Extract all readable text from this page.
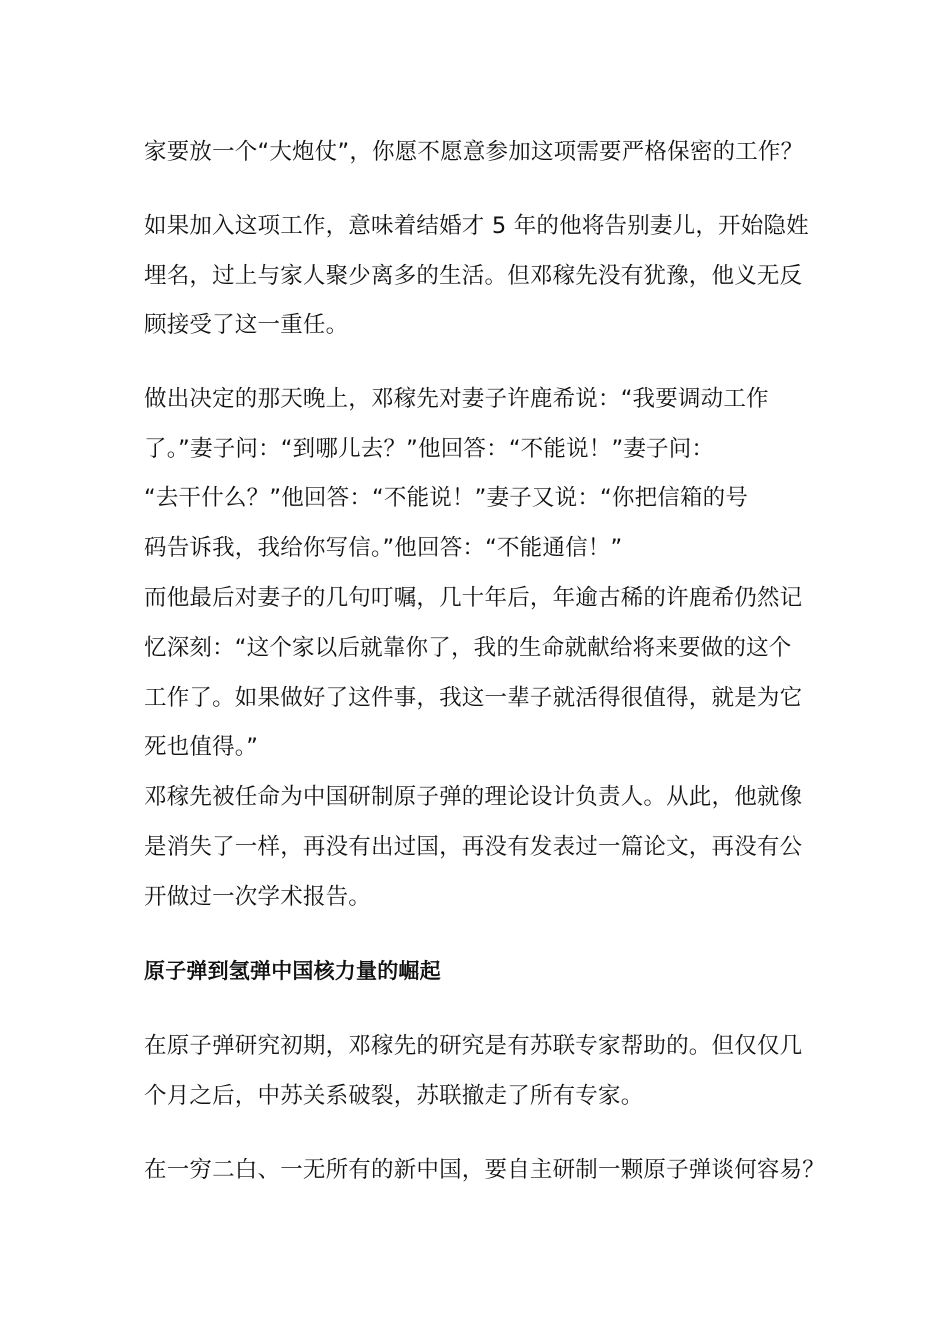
家要放一个“大炮仗”，你愿不愿意参加这项需要严格保密的工作？
如果加入这项工作，意味着结婚才 5 年的他将告别妻儿，开始隐姓
埋名，过上与家人聚少离多的生活。但邓稼先没有犹豫，他义无反
顾接受了这一重任。
做出决定的那天晚上，邓稼先对妻子许鹿希说：“我要调动工作
了。”妻子问：“到哪儿去？”他回答：“不能说！”妻子问：
“去干什么？”他回答：“不能说！”妻子又说：“你把信箱的号
码告诉我，我给你写信。”他回答：“不能通信！”
而他最后对妻子的几句叮嘱，几十年后，年逾古稀的许鹿希仍然记
忆深刻：“这个家以后就靠你了，我的生命就献给将来要做的这个
工作了。如果做好了这件事，我这一辈子就活得很值得，就是为它
死也值得。”
邓稼先被任命为中国研制原子弹的理论设计负责人。从此，他就像
是消失了一样，再没有出过国，再没有发表过一篇论文，再没有公
开做过一次学术报告。
原子弹到氢弹中国核力量的崛起
在原子弹研究初期，邓稼先的研究是有苏联专家帮助的。但仅仅几
个月之后，中苏关系破裂，苏联撤走了所有专家。
在一穷二白、一无所有的新中国，要自主研制一颗原子弹谈何容易？
